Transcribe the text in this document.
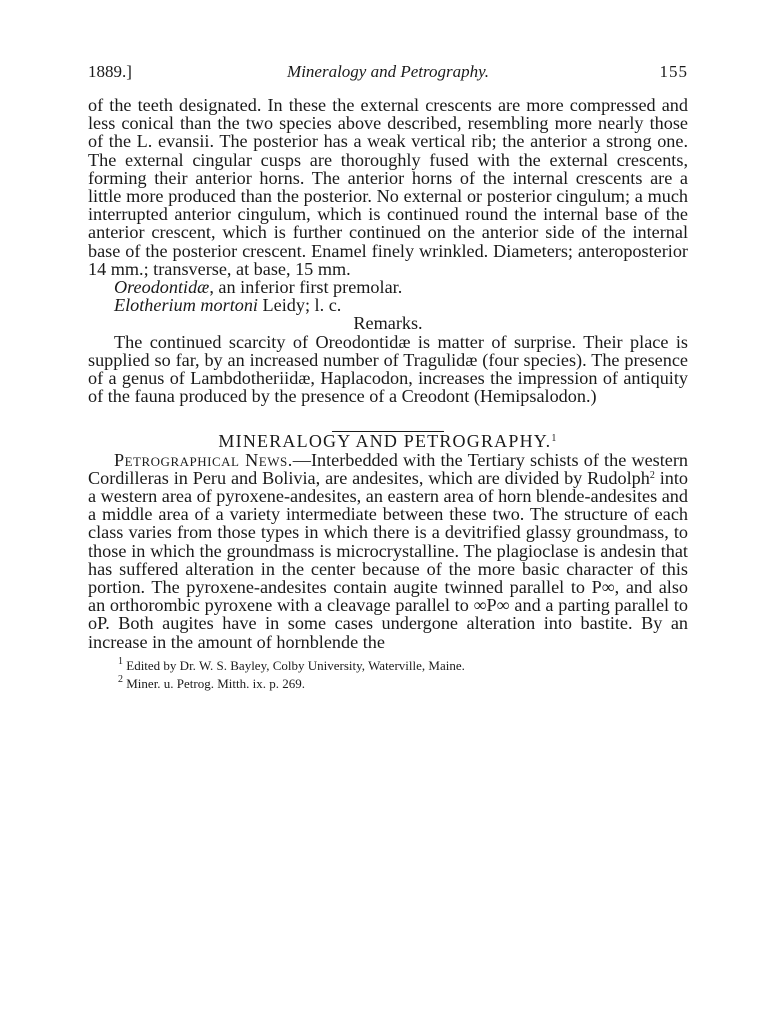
1889.]	Mineralogy and Petrography.	155

of the teeth designated. In these the external crescents are more compressed and less conical than the two species above described, resembling more nearly those of the L. evansii. The posterior has a weak vertical rib; the anterior a strong one. The external cingular cusps are thoroughly fused with the external crescents, forming their anterior horns. The anterior horns of the internal crescents are a little more produced than the posterior. No external or posterior cingulum; a much interrupted anterior cingulum, which is continued round the internal base of the anterior crescent, which is further continued on the anterior side of the internal base of the posterior crescent. Enamel finely wrinkled. Diameters; anteroposterior 14 mm.; transverse, at base, 15 mm.

Oreodontidæ, an inferior first premolar.

Elotherium mortoni Leidy; l. c.

Remarks.

The continued scarcity of Oreodontidæ is matter of surprise. Their place is supplied so far, by an increased number of Tragulidæ (four species). The presence of a genus of Lambdotheriidæ, Haplacodon, increases the impression of antiquity of the fauna produced by the presence of a Creodont (Hemipsalodon.)

MINERALOGY AND PETROGRAPHY.$^1$

Petrographical News.—Interbedded with the Tertiary schists of the western Cordilleras in Peru and Bolivia, are andesites, which are divided by Rudolph$^2$ into a western area of pyroxene-andesites, an eastern area of horn blende-andesites and a middle area of a variety intermediate between these two. The structure of each class varies from those types in which there is a devitrified glassy groundmass, to those in which the groundmass is microcrystalline. The plagioclase is andesin that has suffered alteration in the center because of the more basic character of this portion. The pyroxene-andesites contain augite twinned parallel to P∞, and also an orthorombic pyroxene with a cleavage parallel to ∞P∞ and a parting parallel to oP. Both augites have in some cases undergone alteration into bastite. By an increase in the amount of hornblende the

$^1$ Edited by Dr. W. S. Bayley, Colby University, Waterville, Maine.

$^2$ Miner. u. Petrog. Mitth. ix. p. 269.
